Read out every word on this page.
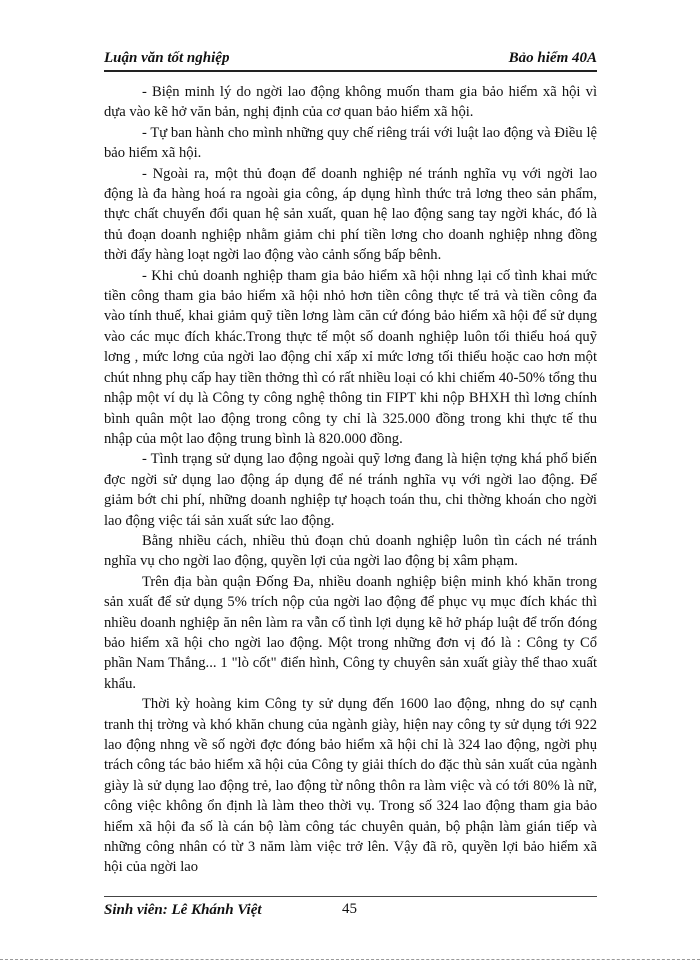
Luận văn tốt nghiệp	Bảo hiểm 40A

- Biện minh lý do ngời lao động không muốn tham gia bảo hiểm xã hội vì dựa vào kẽ hở văn bản, nghị định của cơ quan bảo hiểm xã hội.

- Tự ban hành cho mình những quy chế riêng trái với luật lao động và Điều lệ bảo hiểm xã hội.

- Ngoài ra, một thủ đoạn để doanh nghiệp né tránh nghĩa vụ với ngời lao động là đa hàng hoá ra ngoài gia công, áp dụng hình thức trả lơng theo sản phẩm, thực chất chuyển đổi quan hệ sản xuất, quan hệ lao động sang tay ngời khác, đó là thủ đoạn doanh nghiệp nhằm giảm chi phí tiền lơng cho doanh nghiệp nhng đồng thời đẩy hàng loạt ngời lao động vào cảnh sống bấp bênh.

- Khi chủ doanh nghiệp tham gia bảo hiểm xã hội nhng lại cố tình khai mức tiền công tham gia bảo hiểm xã hội nhỏ hơn tiền công thực tế trả và tiền công đa vào tính thuế, khai giảm quỹ tiền lơng làm căn cứ đóng bảo hiểm xã hội để sử dụng vào các mục đích khác.Trong thực tế một số doanh nghiệp luôn tối thiểu hoá quỹ lơng , mức lơng của ngời lao động chỉ xấp xỉ mức lơng tối thiểu hoặc cao hơn một chút nhng phụ cấp hay tiền thởng thì có rất nhiều loại có khi chiếm 40-50% tổng thu nhập một ví dụ là Công ty công nghệ thông tin FIPT khi nộp BHXH thì lơng chính bình quân một lao động trong công ty chỉ là 325.000 đồng trong khi thực tế thu nhập của một lao động trung bình là 820.000 đồng.

- Tình trạng sử dụng lao động ngoài quỹ lơng đang là hiện tợng khá phổ biến đợc ngời sử dụng lao động áp dụng để né tránh nghĩa vụ với ngời lao động. Để giảm bớt chi phí, những doanh nghiệp tự hoạch toán thu, chi thờng khoán cho ngời lao động việc tái sản xuất sức lao động.

Bằng nhiều cách, nhiều thủ đoạn chủ doanh nghiệp luôn tìn cách né tránh nghĩa vụ cho ngời lao động, quyền lợi của ngời lao động bị xâm phạm.

Trên địa bàn quận Đống Đa, nhiều doanh nghiệp biện minh khó khăn trong sản xuất để sử dụng 5% trích nộp của ngời lao động để phục vụ mục đích khác thì nhiều doanh nghiệp ăn nên làm ra vẫn cố tình lợi dụng kẽ hở pháp luật để trốn đóng bảo hiểm xã hội cho ngời lao động. Một trong những đơn vị đó là : Công ty Cổ phần Nam Thắng... 1 "lò cốt" điển hình, Công ty chuyên sản xuất giày thể thao xuất khẩu.

Thời kỳ hoàng kim Công ty sử dụng đến 1600 lao động, nhng do sự cạnh tranh thị trờng và khó khăn chung của ngành giày, hiện nay công ty sử dụng tới 922 lao động nhng về số ngời đợc đóng bảo hiểm xã hội chỉ là 324 lao động, ngời phụ trách công tác bảo hiểm xã hội của Công ty giải thích do đặc thù sản xuất của ngành giày là sử dụng lao động trẻ, lao động từ nông thôn ra làm việc và có tới 80% là nữ, công việc không ổn định là làm theo thời vụ. Trong số 324 lao động tham gia bảo hiểm xã hội đa số là cán bộ làm công tác chuyên quản, bộ phận làm gián tiếp và những công nhân có từ 3 năm làm việc trở lên. Vậy đã rõ, quyền lợi bảo hiểm xã hội của ngời lao

Sinh viên: Lê Khánh Việt	45
